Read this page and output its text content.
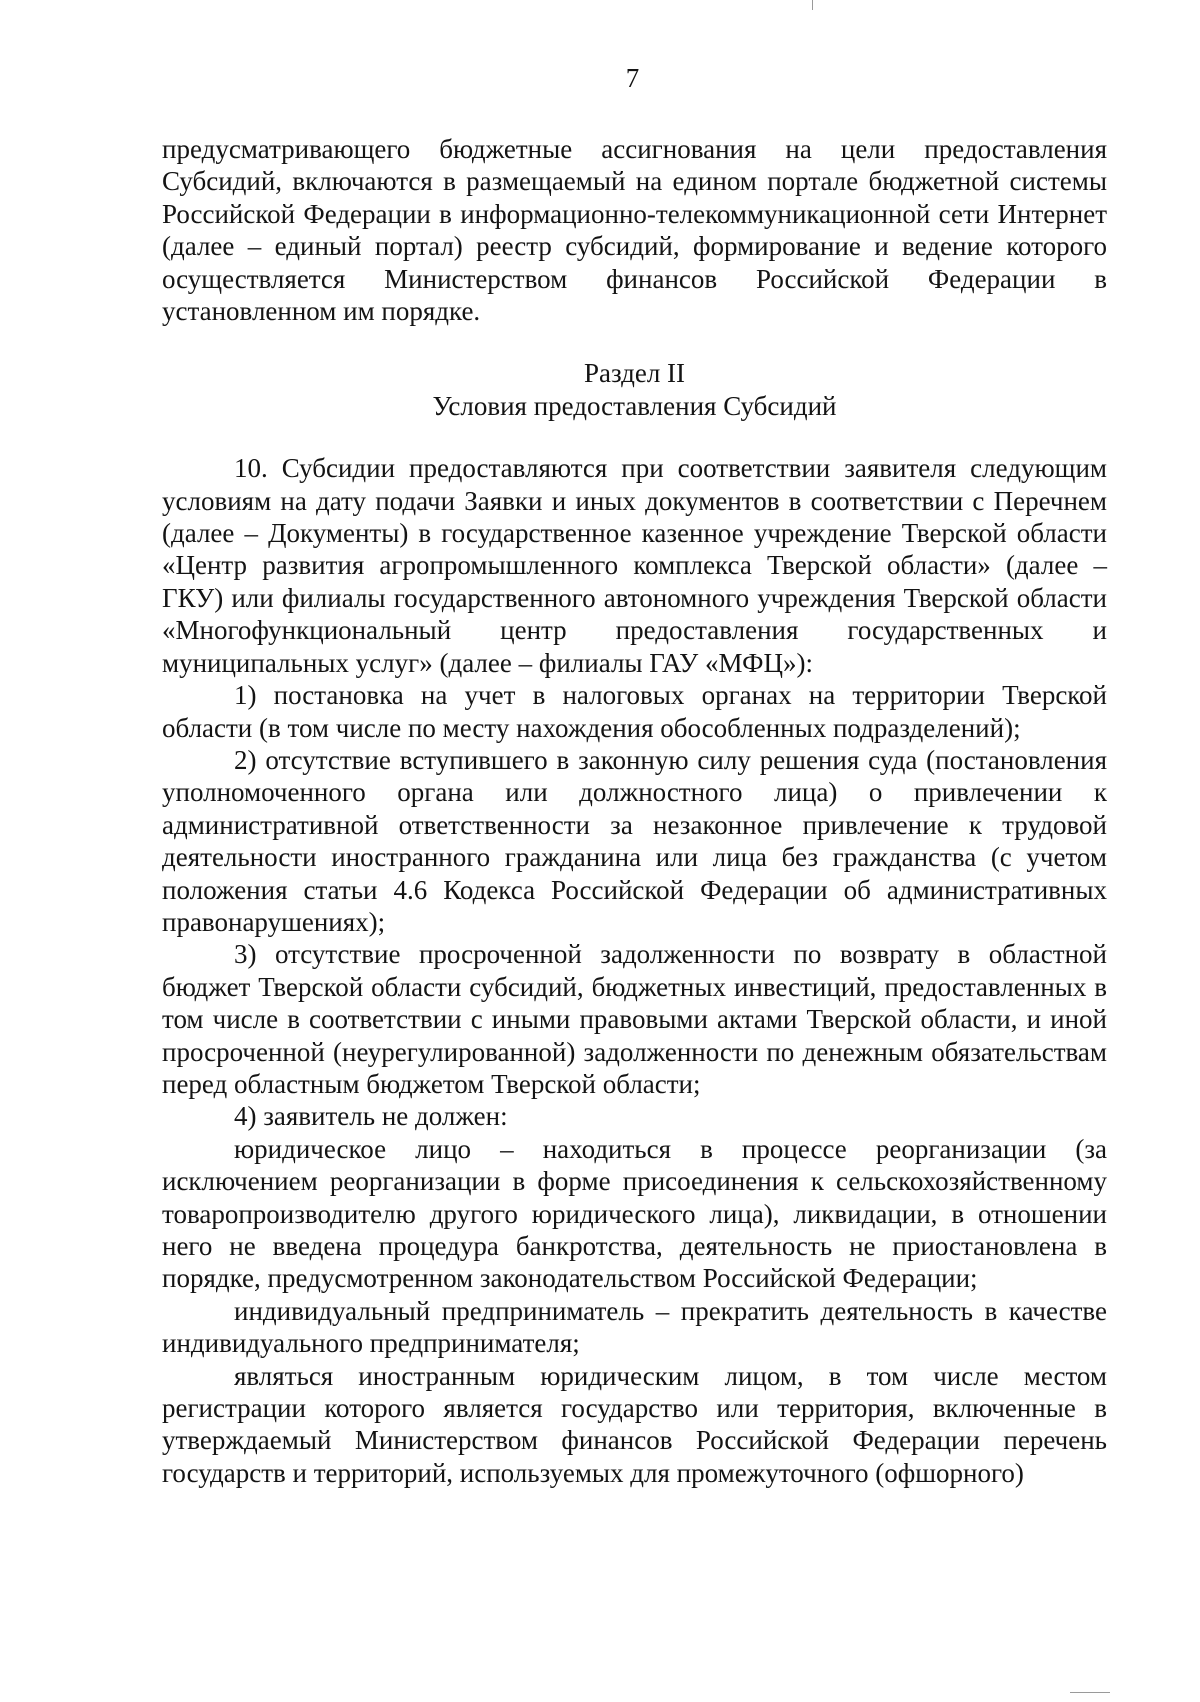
7

предусматривающего бюджетные ассигнования на цели предоставления Субсидий, включаются в размещаемый на едином портале бюджетной системы Российской Федерации в информационно-телекоммуникационной сети Интернет (далее – единый портал) реестр субсидий, формирование и ведение которого осуществляется Министерством финансов Российской Федерации в установленном им порядке.

Раздел II
Условия предоставления Субсидий

10. Субсидии предоставляются при соответствии заявителя следующим условиям на дату подачи Заявки и иных документов в соответствии с Перечнем (далее – Документы) в государственное казенное учреждение Тверской области «Центр развития агропромышленного комплекса Тверской области» (далее – ГКУ) или филиалы государственного автономного учреждения Тверской области «Многофункциональный центр предоставления государственных и муниципальных услуг» (далее – филиалы ГАУ «МФЦ»):

1) постановка на учет в налоговых органах на территории Тверской области (в том числе по месту нахождения обособленных подразделений);

2) отсутствие вступившего в законную силу решения суда (постановления уполномоченного органа или должностного лица) о привлечении к административной ответственности за незаконное привлечение к трудовой деятельности иностранного гражданина или лица без гражданства (с учетом положения статьи 4.6 Кодекса Российской Федерации об административных правонарушениях);

3) отсутствие просроченной задолженности по возврату в областной бюджет Тверской области субсидий, бюджетных инвестиций, предоставленных в том числе в соответствии с иными правовыми актами Тверской области, и иной просроченной (неурегулированной) задолженности по денежным обязательствам перед областным бюджетом Тверской области;

4) заявитель не должен:

юридическое лицо – находиться в процессе реорганизации (за исключением реорганизации в форме присоединения к сельскохозяйственному товаропроизводителю другого юридического лица), ликвидации, в отношении него не введена процедура банкротства, деятельность не приостановлена в порядке, предусмотренном законодательством Российской Федерации;

индивидуальный предприниматель – прекратить деятельность в качестве индивидуального предпринимателя;

являться иностранным юридическим лицом, в том числе местом регистрации которого является государство или территория, включенные в утверждаемый Министерством финансов Российской Федерации перечень государств и территорий, используемых для промежуточного (офшорного)
